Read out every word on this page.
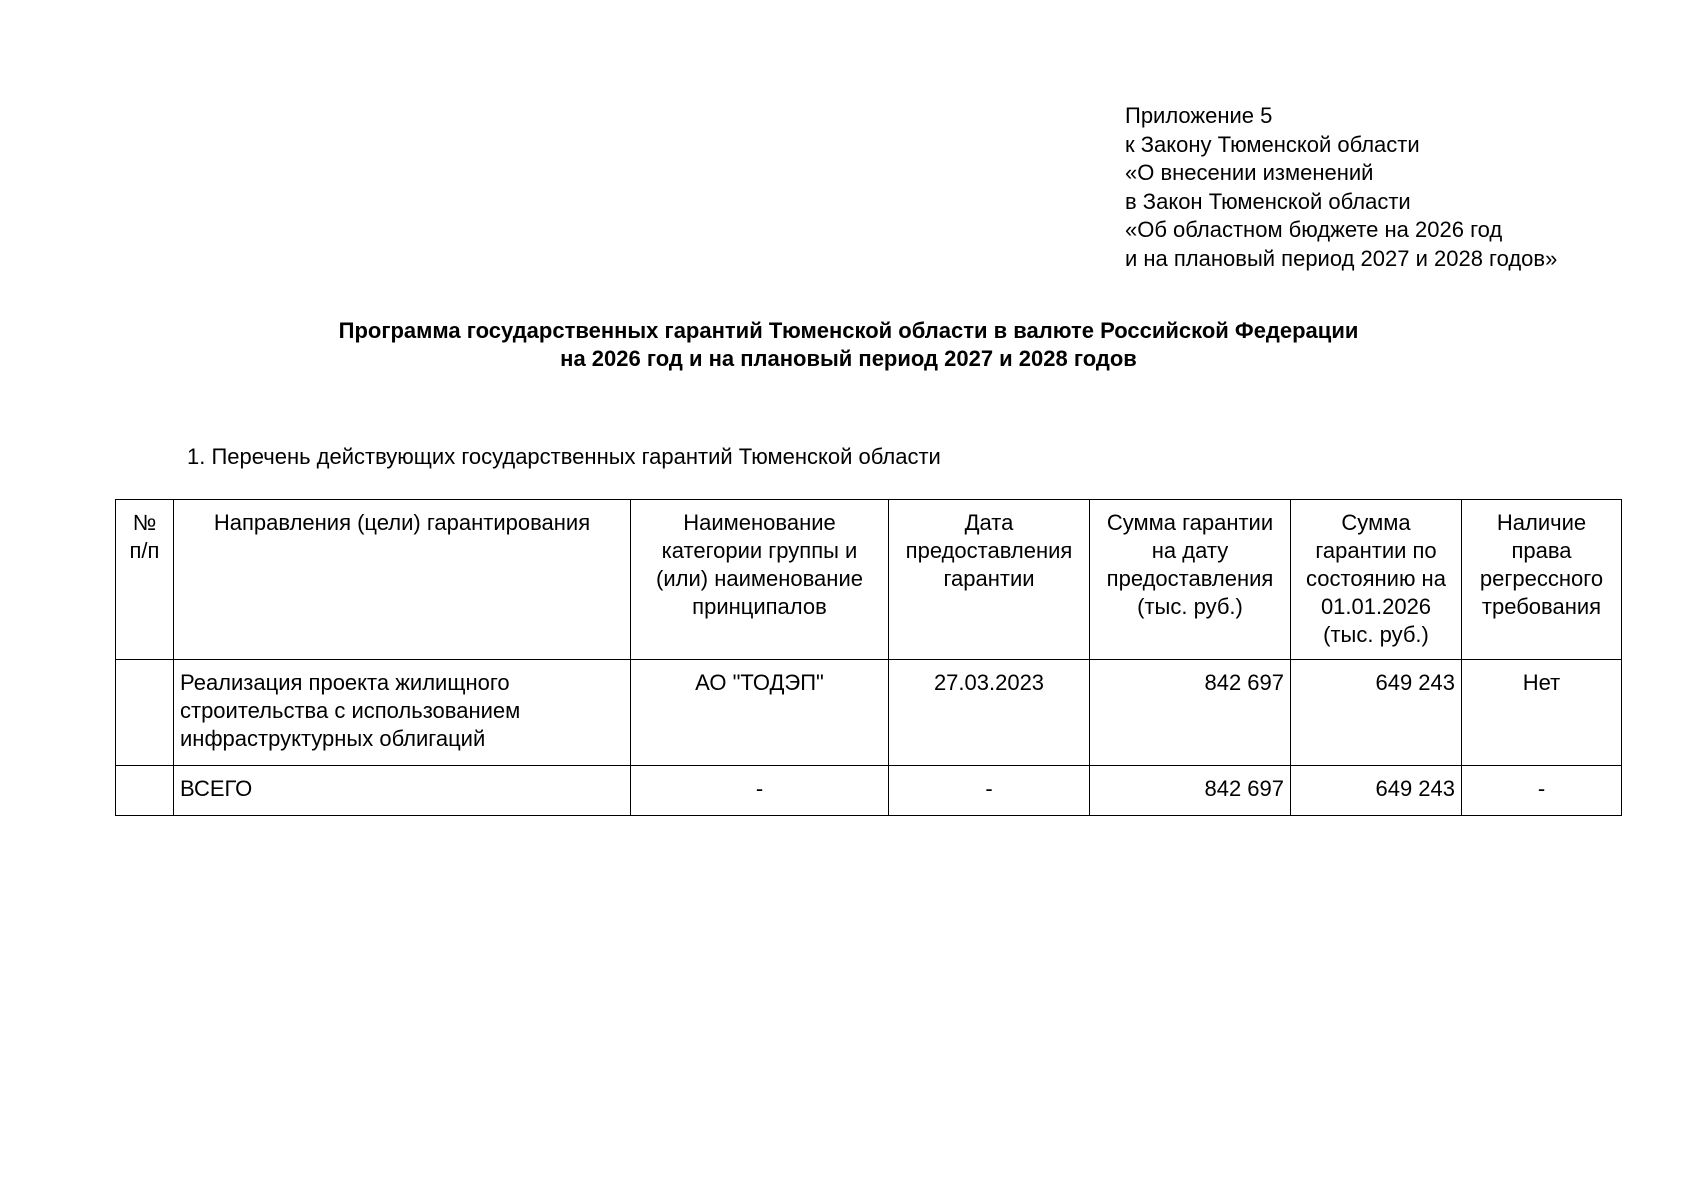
Приложение 5
к Закону Тюменской области
«О внесении изменений
в Закон Тюменской области
«Об областном бюджете на 2026 год
и на плановый период 2027 и 2028 годов»
Программа государственных гарантий Тюменской области в валюте Российской Федерации
на 2026 год и на плановый период 2027 и 2028 годов
1. Перечень действующих государственных гарантий Тюменской области
№ п/п	Направления (цели) гарантирования	Наименование категории группы и (или) наименование принципалов	Дата предоставления гарантии	Сумма гарантии на дату предоставления (тыс. руб.)	Сумма гарантии по состоянию на 01.01.2026 (тыс. руб.)	Наличие права регрессного требования
	Реализация проекта жилищного строительства с использованием инфраструктурных облигаций	АО "ТОДЭП"	27.03.2023	842 697	649 243	Нет
	ВСЕГО	-	-	842 697	649 243	-
